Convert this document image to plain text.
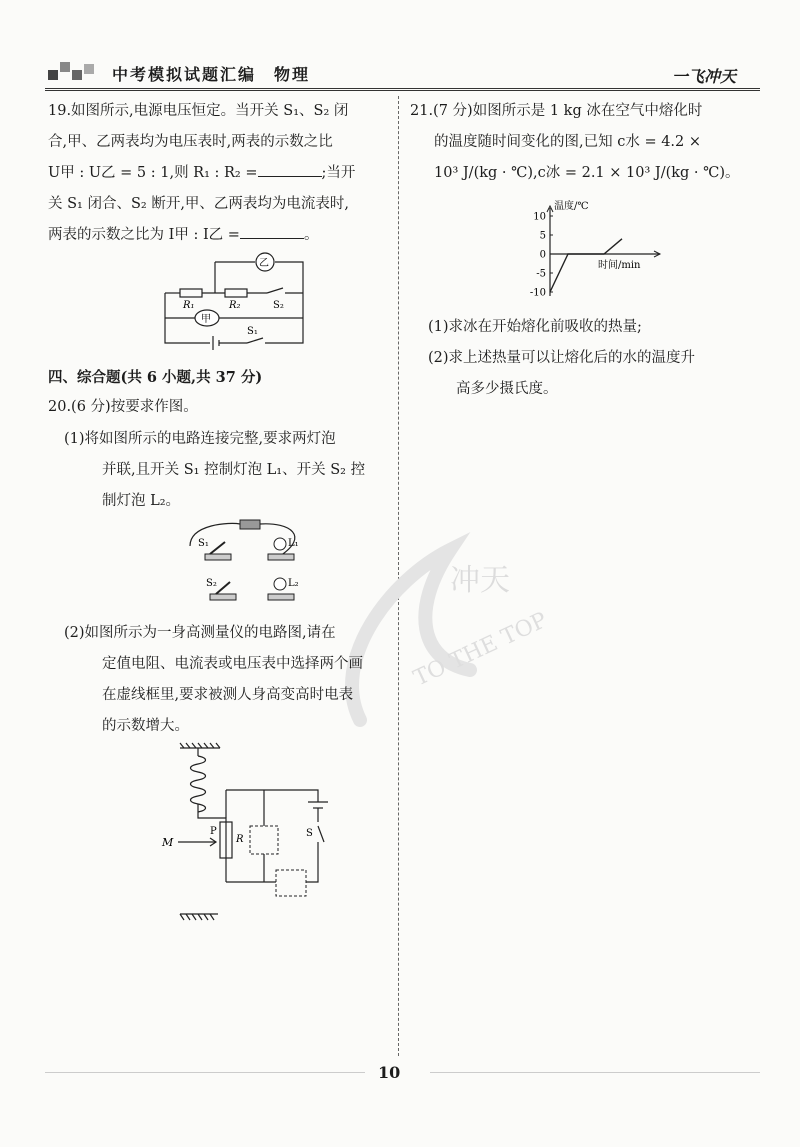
中考模拟试题汇编　物理	一飞冲天
冲天
TO THE TOP
19.如图所示,电源电压恒定。当开关 S₁、S₂ 闭
合,甲、乙两表均为电压表时,两表的示数之比
U甲 : U乙 = 5 : 1,则 R₁ : R₂ =	;当开
关 S₁ 闭合、S₂ 断开,甲、乙两表均为电流表时,
两表的示数之比为 I甲 : I乙 =	。
乙
甲
R₁	R₂	S₂
S₁
四、综合题(共 6 小题,共 37 分)
20.(6 分)按要求作图。
(1)将如图所示的电路连接完整,要求两灯泡
并联,且开关 S₁ 控制灯泡 L₁、开关 S₂ 控
制灯泡 L₂。
S₁	L₁
S₂	L₂
(2)如图所示为一身高测量仪的电路图,请在
定值电阻、电流表或电压表中选择两个画
在虚线框里,要求被测人身高变高时电表
的示数增大。
M
P
R
S
21.(7 分)如图所示是 1 kg 冰在空气中熔化时
的温度随时间变化的图,已知 c水 = 4.2 ×
10³ J/(kg · ℃),c冰 = 2.1 × 10³ J/(kg · ℃)。
温度/℃
时间/min
10
5
0
-5
-10
(1)求冰在开始熔化前吸收的热量;
(2)求上述热量可以让熔化后的水的温度升
高多少摄氏度。
10
